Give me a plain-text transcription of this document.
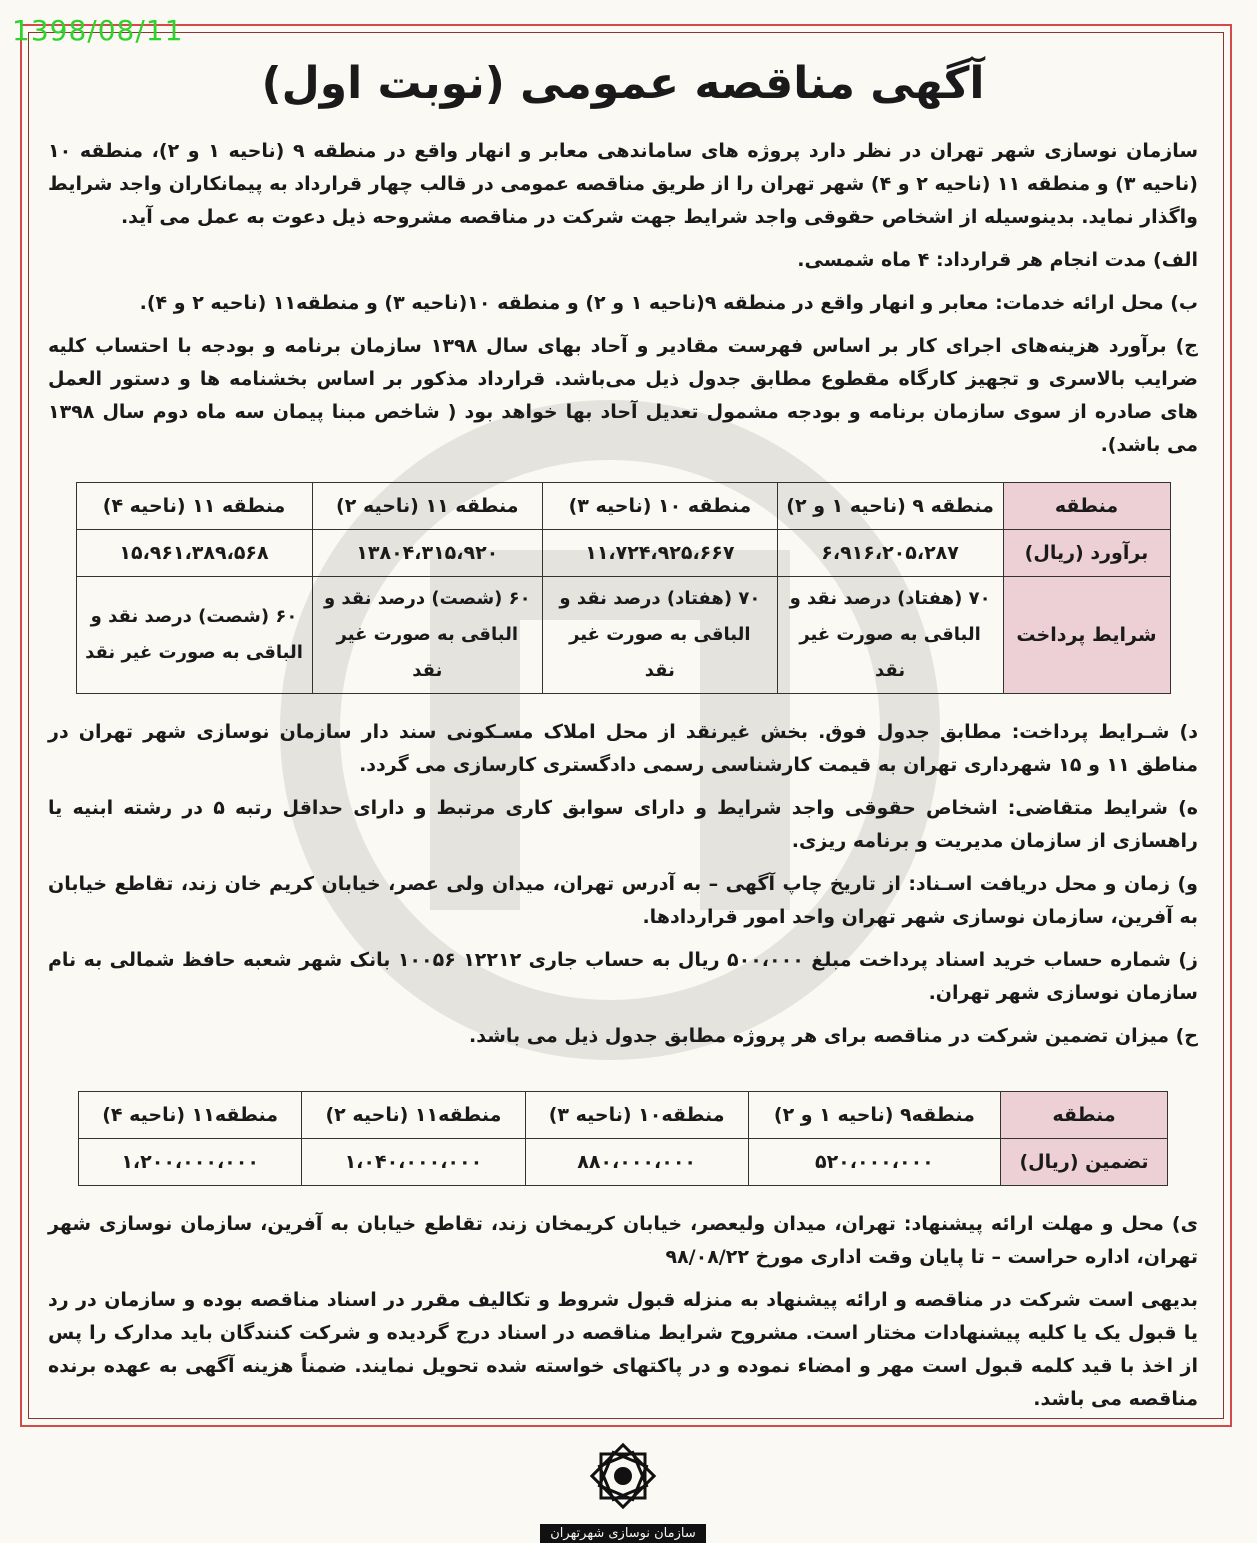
1398/08/11
آگهی مناقصه عمومی (نوبت اول)

سازمان نوسازی شهر تهران در نظر دارد پروژه های ساماندهی معابر و انهار واقع در منطقه ۹ (ناحیه ۱ و ۲)، منطقه ۱۰ (ناحیه ۳) و منطقه ۱۱ (ناحیه ۲ و ۴) شهر تهران را از طریق مناقصه عمومی در قالب چهار قرارداد به پیمانکاران واجد شرایط واگذار نماید. بدینوسیله از اشخاص حقوقی واجد شرایط جهت شرکت در مناقصه مشروحه ذیل دعوت به عمل می آید.

الف) مدت انجام هر قرارداد: ۴ ماه شمسی.

ب) محل ارائه خدمات: معابر و انهار واقع در منطقه ۹(ناحیه ۱ و ۲) و منطقه ۱۰(ناحیه ۳) و منطقه۱۱ (ناحیه ۲ و ۴).

ج) برآورد هزینه‌های اجرای کار بر اساس فهرست مقادیر و آحاد بهای سال ۱۳۹۸ سازمان برنامه و بودجه با احتساب کلیه ضرایب بالاسری و تجهیز کارگاه مقطوع مطابق جدول ذیل می‌باشد. قرارداد مذکور بر اساس بخشنامه ها و دستور العمل های صادره از سوی سازمان برنامه و بودجه مشمول تعدیل آحاد بها خواهد بود ( شاخص مبنا پیمان سه ماه دوم سال ۱۳۹۸ می باشد).

منطقه	منطقه ۹ (ناحیه ۱ و ۲)	منطقه ۱۰ (ناحیه ۳)	منطقه ۱۱ (ناحیه ۲)	منطقه ۱۱ (ناحیه ۴)
برآورد (ریال)	۶،۹۱۶،۲۰۵،۲۸۷	۱۱،۷۲۴،۹۲۵،۶۶۷	۱۳۸۰۴،۳۱۵،۹۲۰	۱۵،۹۶۱،۳۸۹،۵۶۸
شرایط پرداخت	۷۰ (هفتاد) درصد نقد و الباقی به صورت غیر نقد	۷۰ (هفتاد) درصد نقد و الباقی به صورت غیر نقد	۶۰ (شصت) درصد نقد و الباقی به صورت غیر نقد	۶۰ (شصت) درصد نقد و الباقی به صورت غیر نقد

د) شـرایط پرداخت: مطابق جدول فوق. بخش غیرنقد از محل املاک مسـکونی سند دار سازمان نوسازی شهر تهران در مناطق ۱۱ و ۱۵ شهرداری تهران به قیمت کارشناسی رسمی دادگستری کارسازی می گردد.

ه) شرایط متقاضی: اشخاص حقوقی واجد شرایط و دارای سوابق کاری مرتبط و دارای حداقل رتبه ۵ در رشته ابنیه یا راهسازی از سازمان مدیریت و برنامه ریزی.

و) زمان و محل دریافت اسـناد: از تاریخ چاپ آگهی – به آدرس تهران، میدان ولی عصر، خیابان کریم خان زند، تقاطع خیابان به آفرین، سازمان نوسازی شهر تهران واحد امور قراردادها.

ز) شماره حساب خرید اسناد پرداخت مبلغ ۵۰۰،۰۰۰ ریال به حساب جاری ۱۲۲۱۲ ۱۰۰۵۶ بانک شهر شعبه حافظ شمالی به نام سازمان نوسازی شهر تهران.

ح) میزان تضمین شرکت در مناقصه برای هر پروژه مطابق جدول ذیل می باشد.

منطقه	منطقه۹ (ناحیه ۱ و ۲)	منطقه۱۰ (ناحیه ۳)	منطقه۱۱ (ناحیه ۲)	منطقه۱۱ (ناحیه ۴)
تضمین (ریال)	۵۲۰،۰۰۰،۰۰۰	۸۸۰،۰۰۰،۰۰۰	۱،۰۴۰،۰۰۰،۰۰۰	۱،۲۰۰،۰۰۰،۰۰۰

ی) محل و مهلت ارائه پیشنهاد: تهران، میدان ولیعصر، خیابان کریمخان زند، تقاطع خیابان به آفرین، سازمان نوسازی شهر تهران، اداره حراست – تا پایان وقت اداری مورخ ۹۸/۰۸/۲۲

بدیهی است شرکت در مناقصه و ارائه پیشنهاد به منزله قبول شروط و تکالیف مقرر در اسناد مناقصه بوده و سازمان در رد یا قبول یک یا کلیه پیشنهادات مختار است. مشروح شرایط مناقصه در اسناد درج گردیده و شرکت کنندگان باید مدارک را پس از اخذ با قید کلمه قبول است مهر و امضاء نموده و در پاکتهای خواسته شده تحویل نمایند. ضمناً هزینه آگهی به عهده برنده مناقصه می باشد.

سازمان نوسازی شهرتهران
